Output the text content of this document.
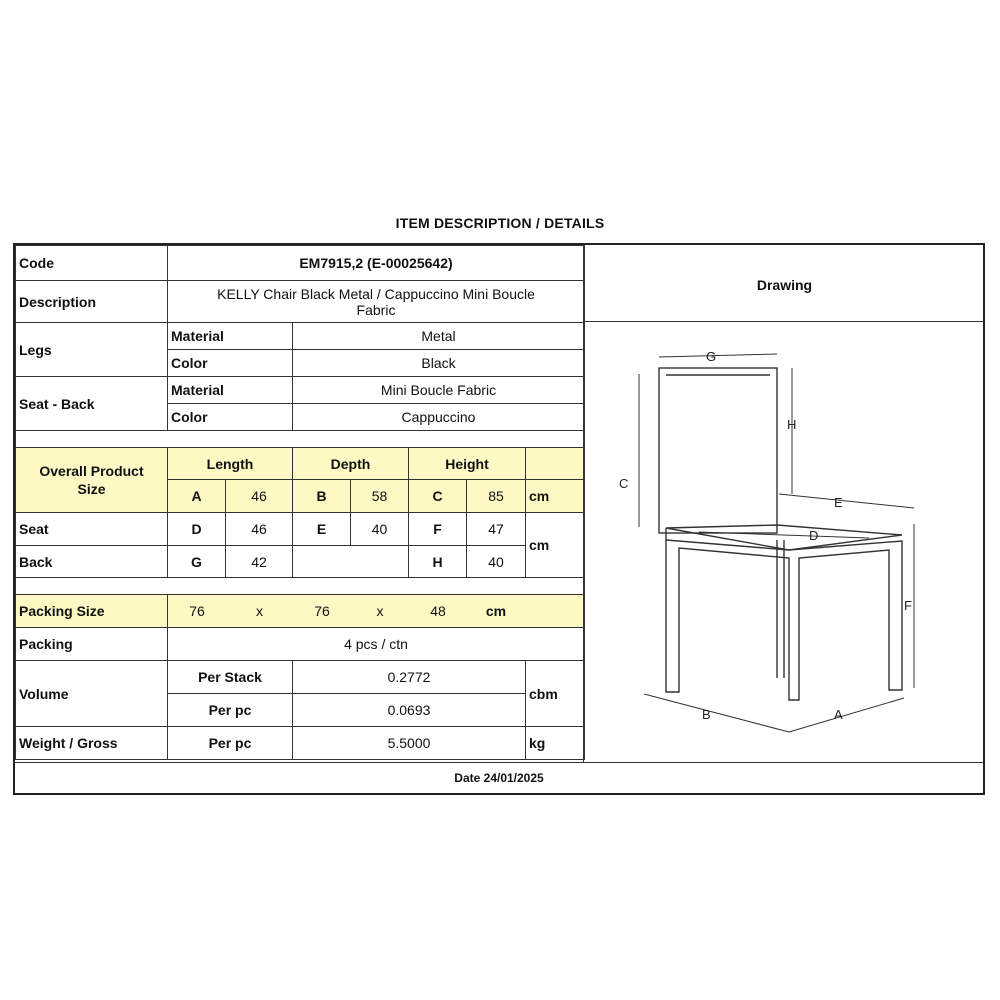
ITEM DESCRIPTION / DETAILS
Code	EM7915,2 (E-00025642)						
Description	KELLY Chair Black Metal / Cappuccino Mini Boucle
Fabric						
Legs	Material		Metal				
	Color		Black				
Seat - Back	Material		Mini Boucle Fabric				
	Color		Cappuccino				

Overall Product
Size	Length		Depth		Height		
	A	46	B	58	C	85	cm
Seat	D	46	E	40	F	47	cm
Back	G	42			H	40	

Packing Size	76 x 76 x 48 cm						
Packing	4 pcs / ctn						
Volume	Per Stack		0.2772				cbm
	Per pc		0.0693				
Weight / Gross	Per pc		5.5000				kg
Drawing
G
H
C
E
D
F
B	A
Date 24/01/2025
